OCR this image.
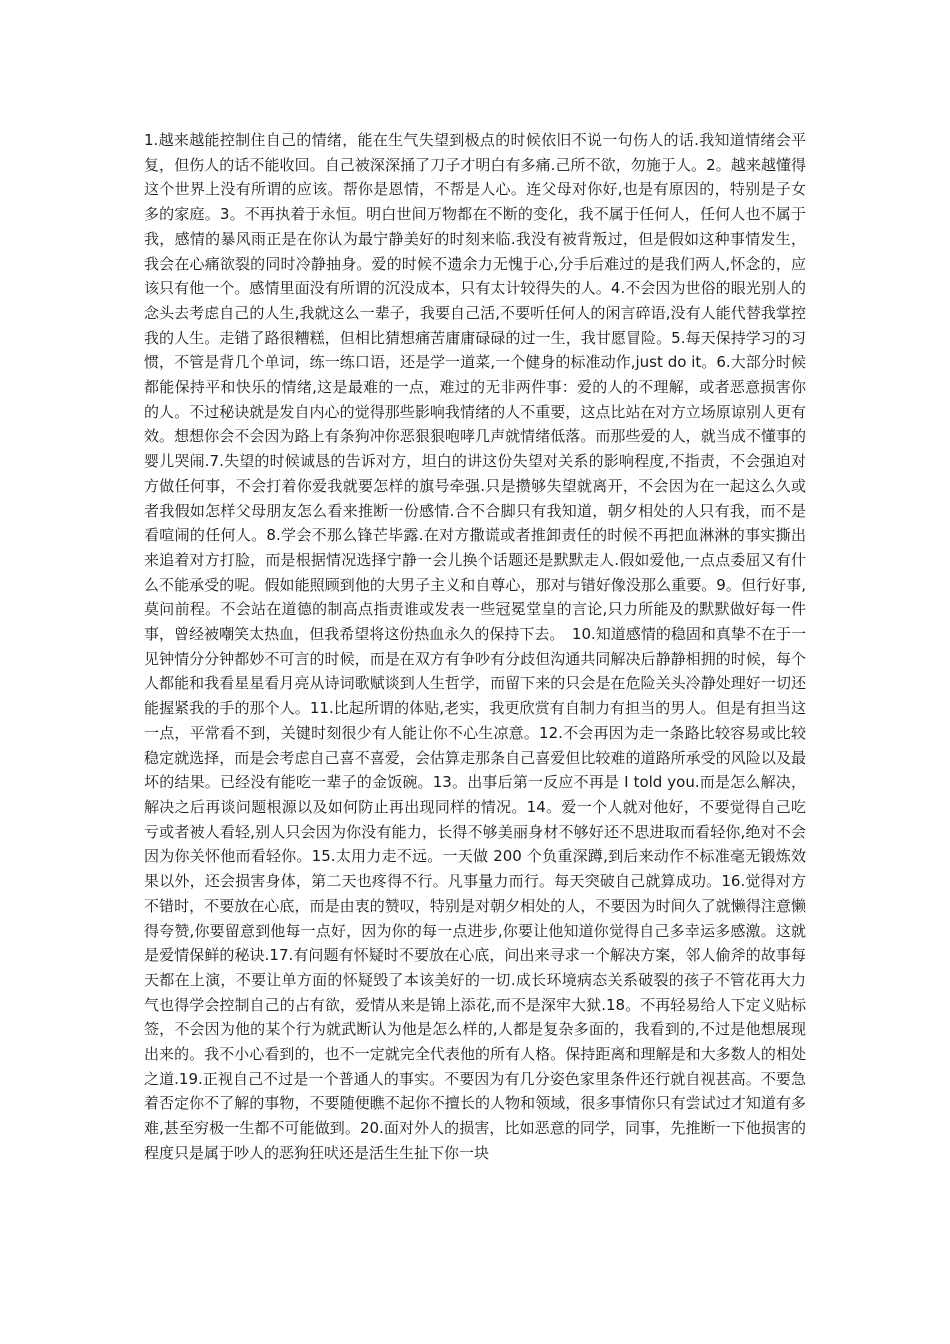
1.越来越能控制住自己的情绪，能在生气失望到极点的时候依旧不说一句伤人的话.我知道情绪会平复，但伤人的话不能收回。自己被深深捅了刀子才明白有多痛.己所不欲，勿施于人。2。越来越懂得这个世界上没有所谓的应该。帮你是恩情，不帮是人心。连父母对你好,也是有原因的，特别是子女多的家庭。3。不再执着于永恒。明白世间万物都在不断的变化，我不属于任何人，任何人也不属于我，感情的暴风雨正是在你认为最宁静美好的时刻来临.我没有被背叛过，但是假如这种事情发生，我会在心痛欲裂的同时冷静抽身。爱的时候不遗余力无愧于心,分手后难过的是我们两人,怀念的，应该只有他一个。感情里面没有所谓的沉没成本，只有太计较得失的人。4.不会因为世俗的眼光别人的念头去考虑自己的人生,我就这么一辈子，我要自己活,不要听任何人的闲言碎语,没有人能代替我掌控我的人生。走错了路很糟糕，但相比猜想痛苦庸庸碌碌的过一生，我甘愿冒险。5.每天保持学习的习惯，不管是背几个单词，练一练口语，还是学一道菜,一个健身的标准动作,just do it。6.大部分时候都能保持平和快乐的情绪,这是最难的一点，难过的无非两件事：爱的人的不理解，或者恶意损害你的人。不过秘诀就是发自内心的觉得那些影响我情绪的人不重要，这点比站在对方立场原谅别人更有效。想想你会不会因为路上有条狗冲你恶狠狠咆哮几声就情绪低落。而那些爱的人，就当成不懂事的婴儿哭闹.7.失望的时候诚恳的告诉对方，坦白的讲这份失望对关系的影响程度,不指责，不会强迫对方做任何事，不会打着你爱我就要怎样的旗号牵强.只是攒够失望就离开，不会因为在一起这么久或者我假如怎样父母朋友怎么看来推断一份感情.合不合脚只有我知道，朝夕相处的人只有我，而不是看喧闹的任何人。8.学会不那么锋芒毕露.在对方撒谎或者推卸责任的时候不再把血淋淋的事实撕出来追着对方打脸，而是根据情况选择宁静一会儿换个话题还是默默走人.假如爱他,一点点委屈又有什么不能承受的呢。假如能照顾到他的大男子主义和自尊心，那对与错好像没那么重要。9。但行好事,莫问前程。不会站在道德的制高点指责谁或发表一些冠冕堂皇的言论,只力所能及的默默做好每一件事，曾经被嘲笑太热血，但我希望将这份热血永久的保持下去。　10.知道感情的稳固和真挚不在于一见钟情分分钟都妙不可言的时候，而是在双方有争吵有分歧但沟通共同解决后静静相拥的时候，每个人都能和我看星星看月亮从诗词歌赋谈到人生哲学，而留下来的只会是在危险关头冷静处理好一切还能握紧我的手的那个人。11.比起所谓的体贴,老实，我更欣赏有自制力有担当的男人。但是有担当这一点，平常看不到，关键时刻很少有人能让你不心生凉意。12.不会再因为走一条路比较容易或比较稳定就选择，而是会考虑自己喜不喜爱，会估算走那条自己喜爱但比较难的道路所承受的风险以及最坏的结果。已经没有能吃一辈子的金饭碗。13。出事后第一反应不再是 I told you.而是怎么解决，解决之后再谈问题根源以及如何防止再出现同样的情况。14。爱一个人就对他好，不要觉得自己吃亏或者被人看轻,别人只会因为你没有能力，长得不够美丽身材不够好还不思进取而看轻你,绝对不会因为你关怀他而看轻你。15.太用力走不远。一天做 200 个负重深蹲,到后来动作不标准毫无锻炼效果以外，还会损害身体，第二天也疼得不行。凡事量力而行。每天突破自己就算成功。16.觉得对方不错时，不要放在心底，而是由衷的赞叹，特别是对朝夕相处的人，不要因为时间久了就懒得注意懒得夸赞,你要留意到他每一点好，因为你的每一点进步,你要让他知道你觉得自己多幸运多感激。这就是爱情保鲜的秘诀.17.有问题有怀疑时不要放在心底，问出来寻求一个解决方案，邻人偷斧的故事每天都在上演，不要让单方面的怀疑毁了本该美好的一切.成长环境病态关系破裂的孩子不管花再大力气也得学会控制自己的占有欲，爱情从来是锦上添花,而不是深牢大狱.18。不再轻易给人下定义贴标签，不会因为他的某个行为就武断认为他是怎么样的,人都是复杂多面的，我看到的,不过是他想展现出来的。我不小心看到的，也不一定就完全代表他的所有人格。保持距离和理解是和大多数人的相处之道.19.正视自己不过是一个普通人的事实。不要因为有几分姿色家里条件还行就自视甚高。不要急着否定你不了解的事物，不要随便瞧不起你不擅长的人物和领域，很多事情你只有尝试过才知道有多难,甚至穷极一生都不可能做到。20.面对外人的损害，比如恶意的同学，同事，先推断一下他损害的程度只是属于吵人的恶狗狂吠还是活生生扯下你一块
